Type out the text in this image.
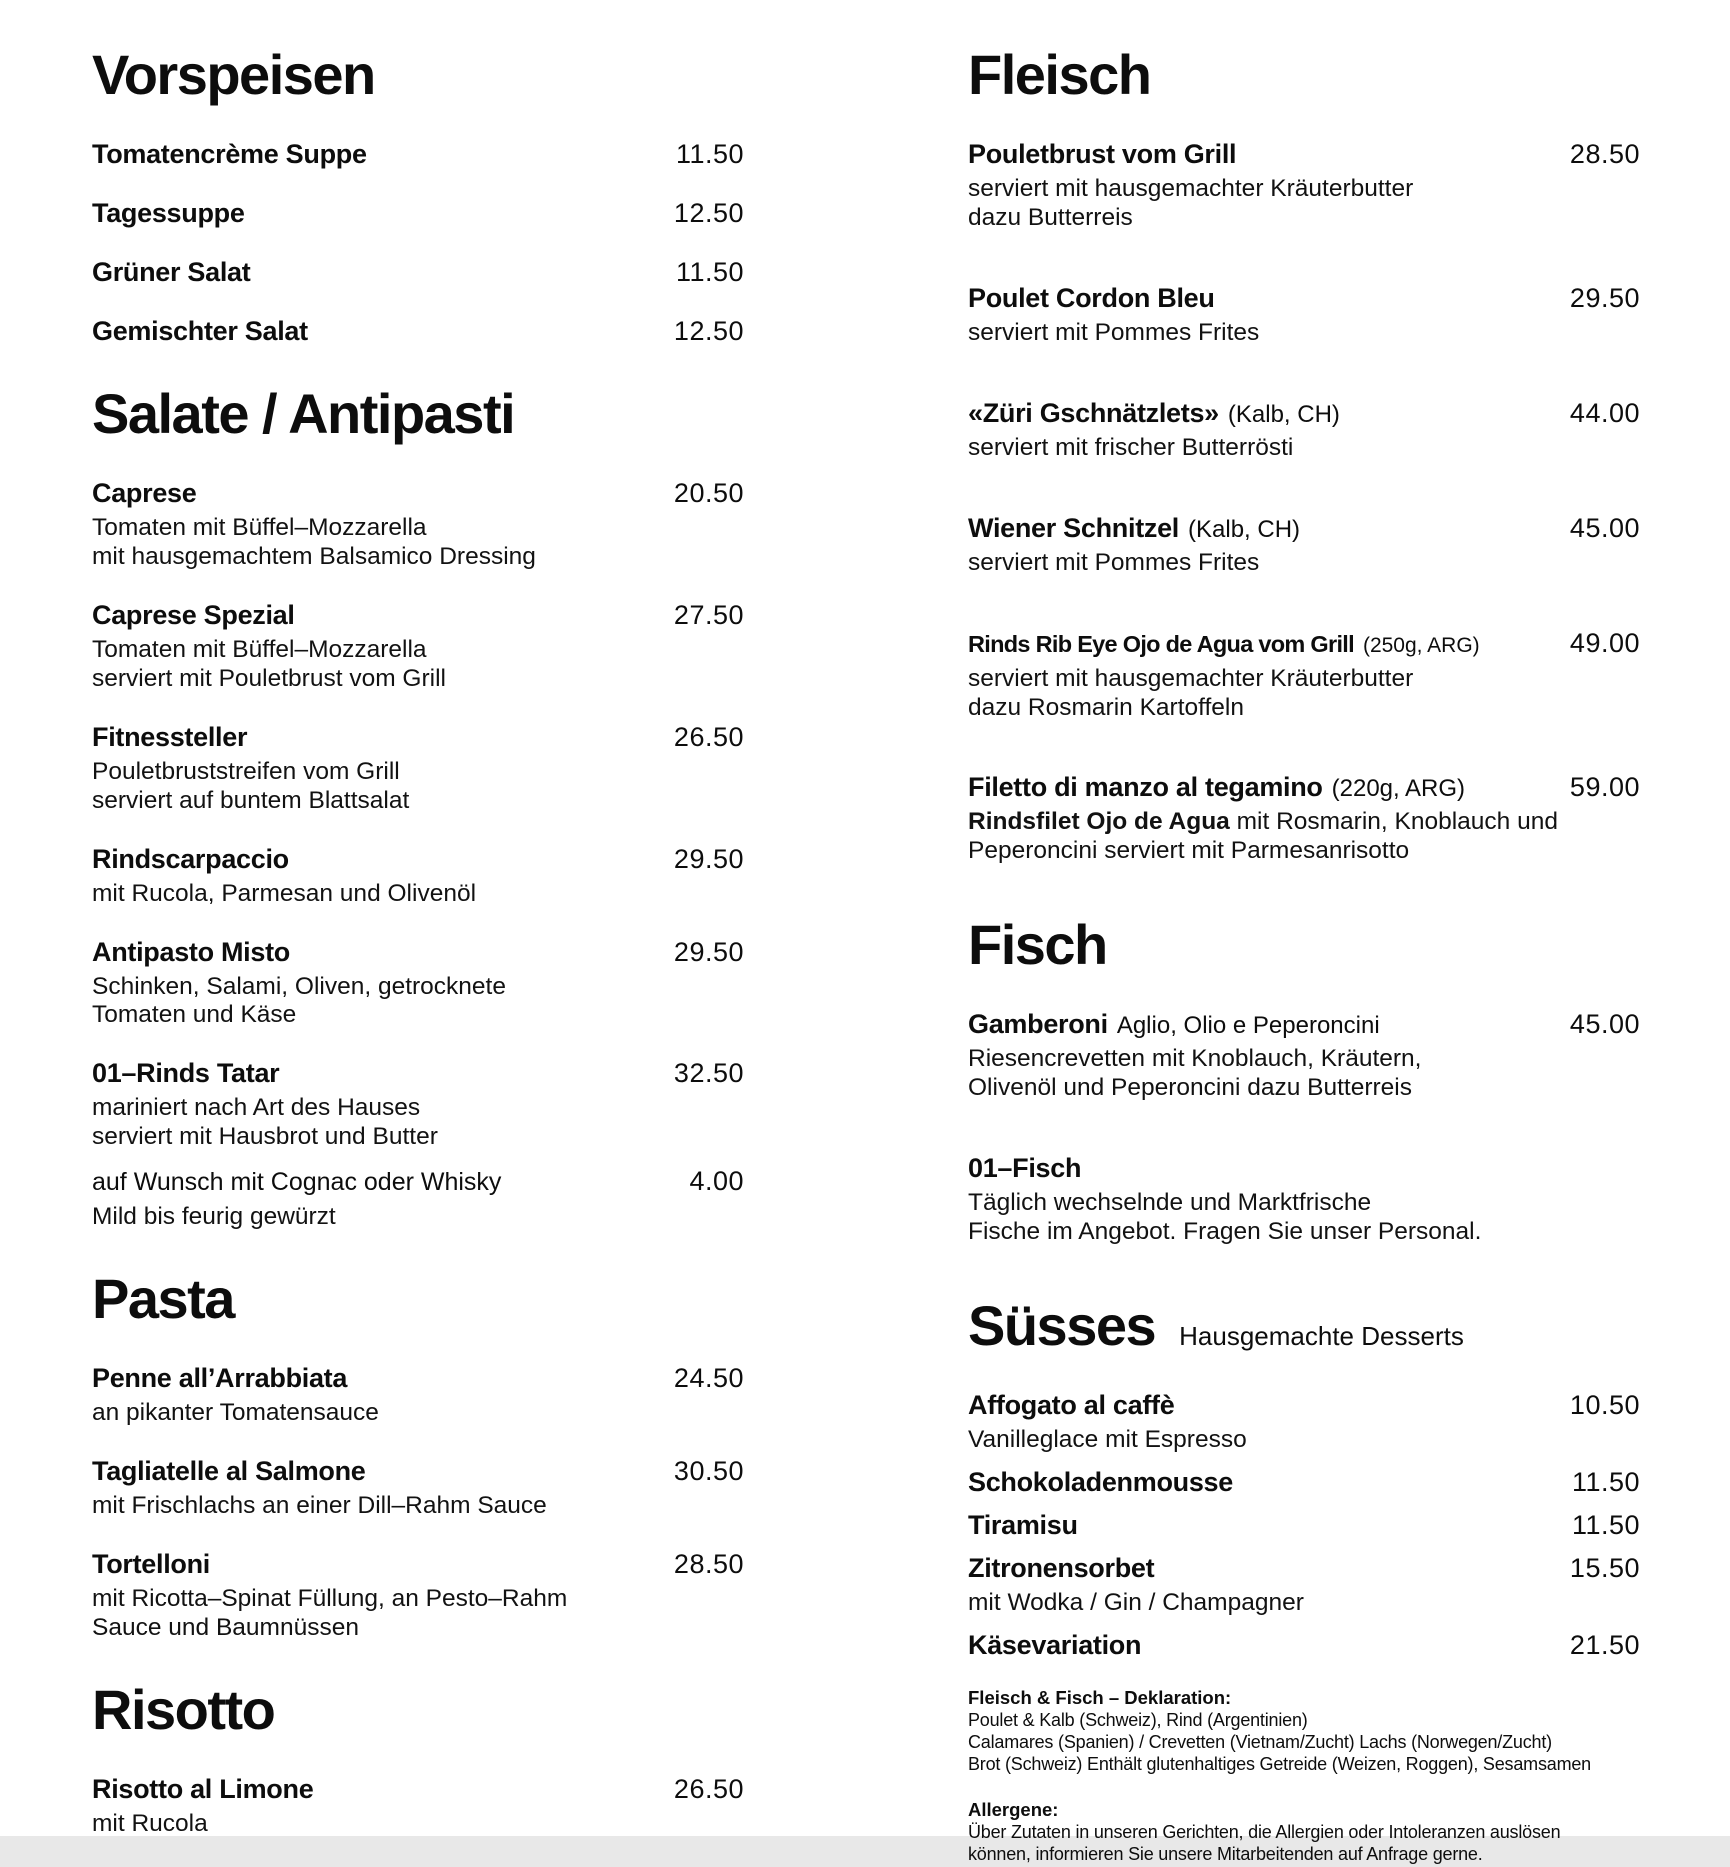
Vorspeisen
Tomatencrème Suppe	11.50
Tagessuppe	12.50
Grüner Salat	11.50
Gemischter Salat	12.50
Salate / Antipasti
Caprese	20.50
Tomaten mit Büffel–Mozzarella
mit hausgemachtem Balsamico Dressing
Caprese Spezial	27.50
Tomaten mit Büffel–Mozzarella
serviert mit Pouletbrust vom Grill
Fitnessteller	26.50
Pouletbruststreifen vom Grill
serviert auf buntem Blattsalat
Rindscarpaccio	29.50
mit Rucola, Parmesan und Olivenöl
Antipasto Misto	29.50
Schinken, Salami, Oliven, getrocknete
Tomaten und Käse
01–Rinds Tatar	32.50
mariniert nach Art des Hauses
serviert mit Hausbrot und Butter
auf Wunsch mit Cognac oder Whisky	4.00
Mild bis feurig gewürzt
Pasta
Penne all’Arrabbiata	24.50
an pikanter Tomatensauce
Tagliatelle al Salmone	30.50
mit Frischlachs an einer Dill–Rahm Sauce
Tortelloni	28.50
mit Ricotta–Spinat Füllung, an Pesto–Rahm
Sauce und Baumnüssen
Risotto
Risotto al Limone	26.50
mit Rucola
Fleisch
Pouletbrust vom Grill	28.50
serviert mit hausgemachter Kräuterbutter
dazu Butterreis
Poulet Cordon Bleu	29.50
serviert mit Pommes Frites
«Züri Gschnätzlets» (Kalb, CH)	44.00
serviert mit frischer Butterrösti
Wiener Schnitzel (Kalb, CH)	45.00
serviert mit Pommes Frites
Rinds Rib Eye Ojo de Agua vom Grill (250g, ARG)	49.00
serviert mit hausgemachter Kräuterbutter
dazu Rosmarin Kartoffeln
Filetto di manzo al tegamino (220g, ARG)	59.00
Rindsfilet Ojo de Agua mit Rosmarin, Knoblauch und
Peperoncini serviert mit Parmesanrisotto
Fisch
Gamberoni Aglio, Olio e Peperoncini	45.00
Riesencrevetten mit Knoblauch, Kräutern,
Olivenöl und Peperoncini dazu Butterreis
01–Fisch
Täglich wechselnde und Marktfrische
Fische im Angebot. Fragen Sie unser Personal.
Süsses Hausgemachte Desserts
Affogato al caffè	10.50
Vanilleglace mit Espresso
Schokoladenmousse	11.50
Tiramisu	11.50
Zitronensorbet	15.50
mit Wodka / Gin / Champagner
Käsevariation	21.50
Fleisch & Fisch – Deklaration:
Poulet & Kalb (Schweiz), Rind (Argentinien)
Calamares (Spanien) / Crevetten (Vietnam/Zucht) Lachs (Norwegen/Zucht)
Brot (Schweiz) Enthält glutenhaltiges Getreide (Weizen, Roggen), Sesamsamen
Allergene:
Über Zutaten in unseren Gerichten, die Allergien oder Intoleranzen auslösen
können, informieren Sie unsere Mitarbeitenden auf Anfrage gerne.
